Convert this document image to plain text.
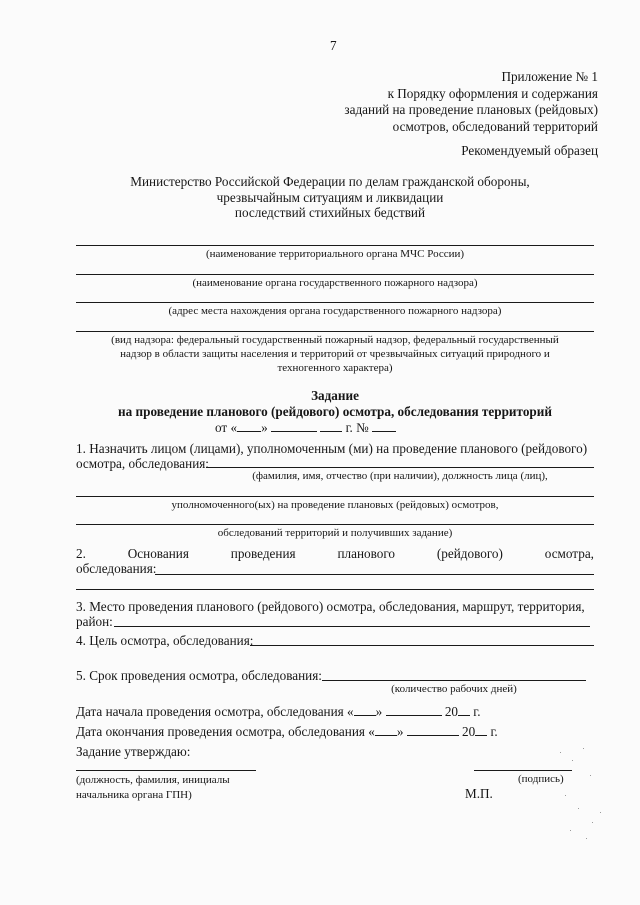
7
Приложение № 1
к Порядку оформления и содержания
заданий на проведение плановых (рейдовых)
осмотров, обследований территорий
Рекомендуемый образец
Министерство Российской Федерации по делам гражданской обороны,
чрезвычайным ситуациям и ликвидации
последствий стихийных бедствий
(наименование территориального органа МЧС России)
(наименование органа государственного пожарного надзора)
(адрес места нахождения органа государственного пожарного надзора)
(вид надзора: федеральный государственный пожарный надзор, федеральный государственный
надзор в области защиты населения и территорий от чрезвычайных ситуаций природного и
техногенного характера)
Задание
на проведение планового (рейдового) осмотра, обследования территорий
от « »	г. №
1. Назначить лицом (лицами), уполномоченным (ми) на проведение планового (рейдового)
осмотра, обследования:
(фамилия, имя, отчество (при наличии), должность лица (лиц),
уполномоченного(ых) на проведение плановых (рейдовых) осмотров,
обследований территорий и получивших задание)
2.	Основания	проведения	планового	(рейдового)	осмотра,
обследования:
3. Место проведения планового (рейдового) осмотра, обследования, маршрут, территория,
район:
4. Цель осмотра, обследования:
5. Срок проведения осмотра, обследования:
(количество рабочих дней)
Дата начала проведения осмотра, обследования « »	20 г.
Дата окончания проведения осмотра, обследования « »	20 г.
Задание утверждаю:
(должность, фамилия, инициалы
начальника органа ГПН)
(подпись)
М.П.
